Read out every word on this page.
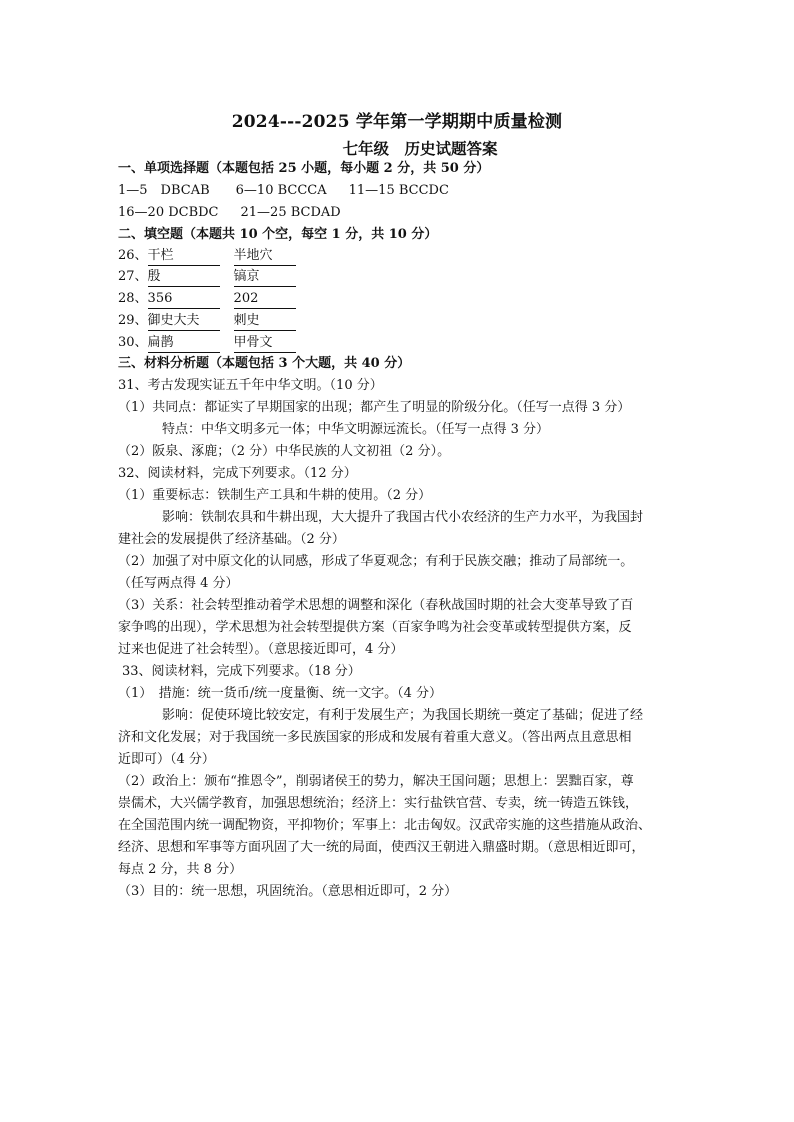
2024---2025 学年第一学期期中质量检测
七年级　历史试题答案
一、单项选择题（本题包括 25 小题，每小题 2 分，共 50 分）
1—5　DBCAB 6—10 BCCCA 11—15 BCCDC
16—20 DCBDC 21—25 BCDAD
二、填空题（本题共 10 个空，每空 1 分，共 10 分）
26、干栏	半地穴
27、殷	镐京
28、356	202
29、御史大夫	刺史
30、扁鹊	甲骨文
三、材料分析题（本题包括 3 个大题，共 40 分）
31、考古发现实证五千年中华文明。（10 分）
（1）共同点：都证实了早期国家的出现；都产生了明显的阶级分化。（任写一点得 3 分）
特点：中华文明多元一体；中华文明源远流长。（任写一点得 3 分）
（2）阪泉、涿鹿；（2 分）中华民族的人文初祖（2 分）。
32、阅读材料，完成下列要求。（12 分）
（1）重要标志：铁制生产工具和牛耕的使用。（2 分）
影响：铁制农具和牛耕出现，大大提升了我国古代小农经济的生产力水平，为我国封
建社会的发展提供了经济基础。（2 分）
（2）加强了对中原文化的认同感，形成了华夏观念；有利于民族交融；推动了局部统一。
（任写两点得 4 分）
（3）关系：社会转型推动着学术思想的调整和深化（春秋战国时期的社会大变革导致了百
家争鸣的出现），学术思想为社会转型提供方案（百家争鸣为社会变革或转型提供方案，反
过来也促进了社会转型）。（意思接近即可，4 分）
33、阅读材料，完成下列要求。（18 分）
（1）　措施：统一货币/统一度量衡、统一文字。（4 分）
影响：促使环境比较安定，有利于发展生产；为我国长期统一奠定了基础；促进了经
济和文化发展；对于我国统一多民族国家的形成和发展有着重大意义。（答出两点且意思相
近即可）（4 分）
（2）政治上：颁布“推恩令”，削弱诸侯王的势力，解决王国问题；思想上：罢黜百家，尊
崇儒术，大兴儒学教育，加强思想统治；经济上：实行盐铁官营、专卖，统一铸造五铢钱，
在全国范围内统一调配物资，平抑物价；军事上：北击匈奴。汉武帝实施的这些措施从政治、
经济、思想和军事等方面巩固了大一统的局面，使西汉王朝进入鼎盛时期。（意思相近即可，
每点 2 分，共 8 分）
（3）目的：统一思想，巩固统治。（意思相近即可，2 分）
